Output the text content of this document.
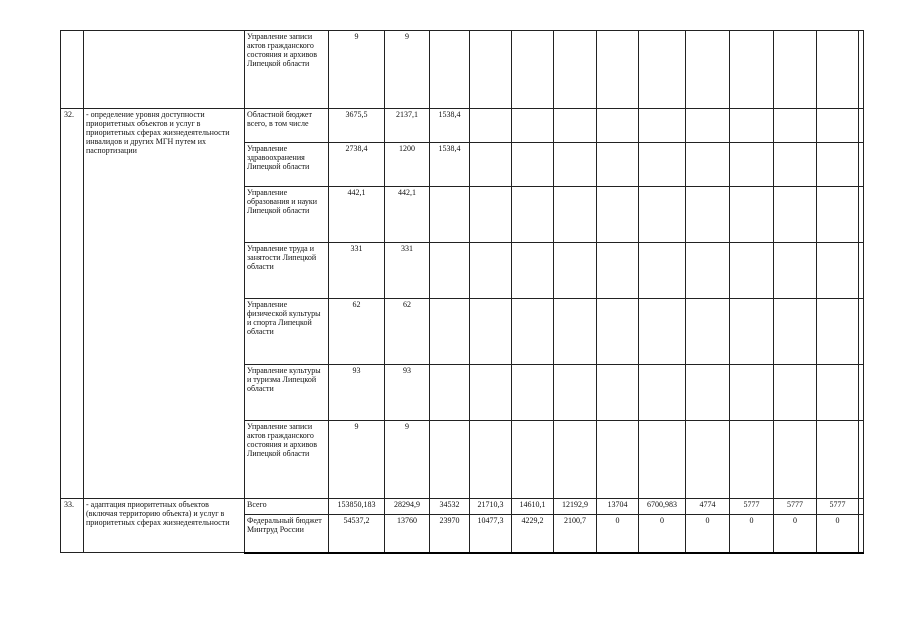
		Управление записи актов гражданского состояния и архивов Липецкой области	9	9											
32.	- определение уровня доступности приоритетных объектов и услуг в приоритетных сферах жизнедеятельности инвалидов и других МГН путем их паспортизации	Областной бюджет всего, в том числе	3675,5	2137,1	1538,4										
		Управление здравоохранения Липецкой области	2738,4	1200	1538,4										
		Управление образования и науки Липецкой области	442,1	442,1											
		Управление труда и занятости Липецкой области	331	331											
		Управление физической культуры и спорта Липецкой области	62	62											
		Управление культуры и туризма Липецкой области	93	93											
		Управление записи актов гражданского состояния и архивов Липецкой области	9	9											
33.	- адаптация приоритетных объектов (включая территорию объекта) и услуг в приоритетных сферах жизнедеятельности	Всего	153850,183	28294,9	34532	21710,3	14610,1	12192,9	13704	6700,983	4774	5777	5777	5777	
		Федеральный бюджет Минтруд России	54537,2	13760	23970	10477,3	4229,2	2100,7	0	0	0	0	0	0	
